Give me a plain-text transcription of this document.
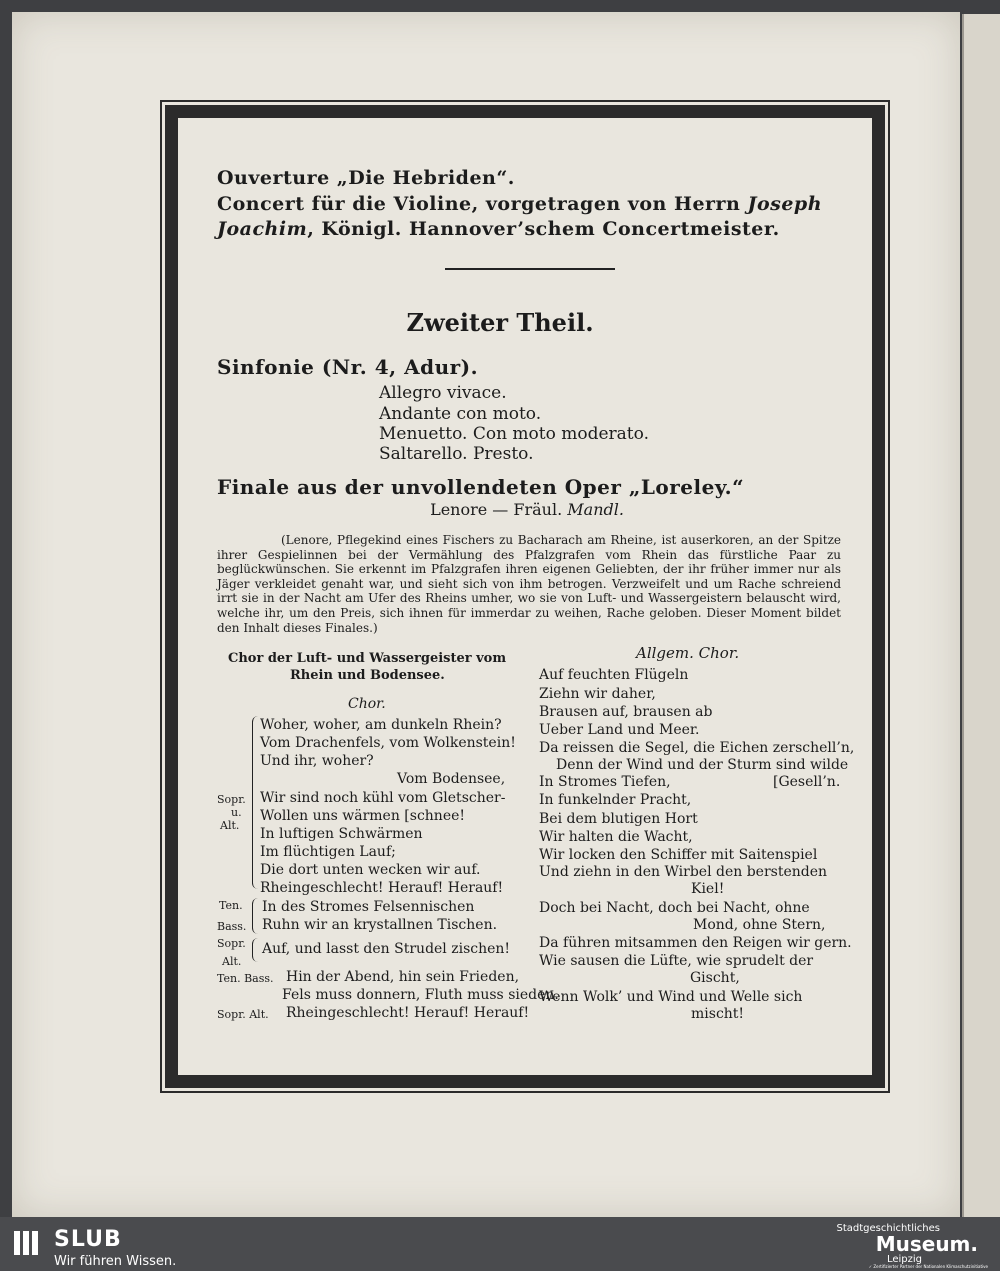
Ouverture „Die Hebriden“.
Concert für die Violine, vorgetragen von Herrn Joseph
Joachim, Königl. Hannover’schem Concertmeister.
Zweiter Theil.
Sinfonie (Nr. 4, Adur).
Allegro vivace.
Andante con moto.
Menuetto. Con moto moderato.
Saltarello. Presto.
Finale aus der unvollendeten Oper „Loreley.“
Lenore — Fräul. Mandl.

(Lenore, Pflegekind eines Fischers zu Bacharach am Rheine, ist auserkoren, an der Spitze ihrer Gespielinnen bei der Vermählung des Pfalzgrafen vom Rhein das fürstliche Paar zu beglückwünschen. Sie erkennt im Pfalzgrafen ihren eigenen Geliebten, der ihr früher immer nur als Jäger verkleidet genaht war, und sieht sich von ihm betrogen. Verzweifelt und um Rache schreiend irrt sie in der Nacht am Ufer des Rheins umher, wo sie von Luft- und Wassergeistern belauscht wird, welche ihr, um den Preis, sich ihnen für immerdar zu weihen, Rache geloben. Dieser Moment bildet den Inhalt dieses Finales.)

Chor der Luft- und Wassergeister vom
Rhein und Bodensee.
Chor.
Woher, woher, am dunkeln Rhein?
Vom Drachenfels, vom Wolkenstein!
Und ihr, woher?
Vom Bodensee,
Wir sind noch kühl vom Gletscher-
Wollen uns wärmen [schnee!
In luftigen Schwärmen
Im flüchtigen Lauf;
Die dort unten wecken wir auf.
Rheingeschlecht! Herauf! Herauf!
In des Stromes Felsennischen
Ruhn wir an krystallnen Tischen.
Auf, und lasst den Strudel zischen!
Hin der Abend, hin sein Frieden,
Fels muss donnern, Fluth muss sieden.
Rheingeschlecht! Herauf! Herauf!
Sopr.
u.
Alt.
Ten.
Bass.
Sopr.
Alt.
Ten. Bass.
Sopr. Alt.
Allgem. Chor.
Auf feuchten Flügeln
Ziehn wir daher,
Brausen auf, brausen ab
Ueber Land und Meer.
Da reissen die Segel, die Eichen zerschell’n,
Denn der Wind und der Sturm sind wilde
In Stromes Tiefen,	[Gesell’n.
In funkelnder Pracht,
Bei dem blutigen Hort
Wir halten die Wacht,
Wir locken den Schiffer mit Saitenspiel
Und ziehn in den Wirbel den berstenden
Kiel!
Doch bei Nacht, doch bei Nacht, ohne
Mond, ohne Stern,
Da führen mitsammen den Reigen wir gern.
Wie sausen die Lüfte, wie sprudelt der
Gischt,
Wenn Wolk’ und Wind und Welle sich
mischt!
SLUB
Wir führen Wissen.
Stadtgeschichtliches
Museum.
Leipzig
✓ Zertifizierter Partner der Nationalen Klimaschutzinitiative
